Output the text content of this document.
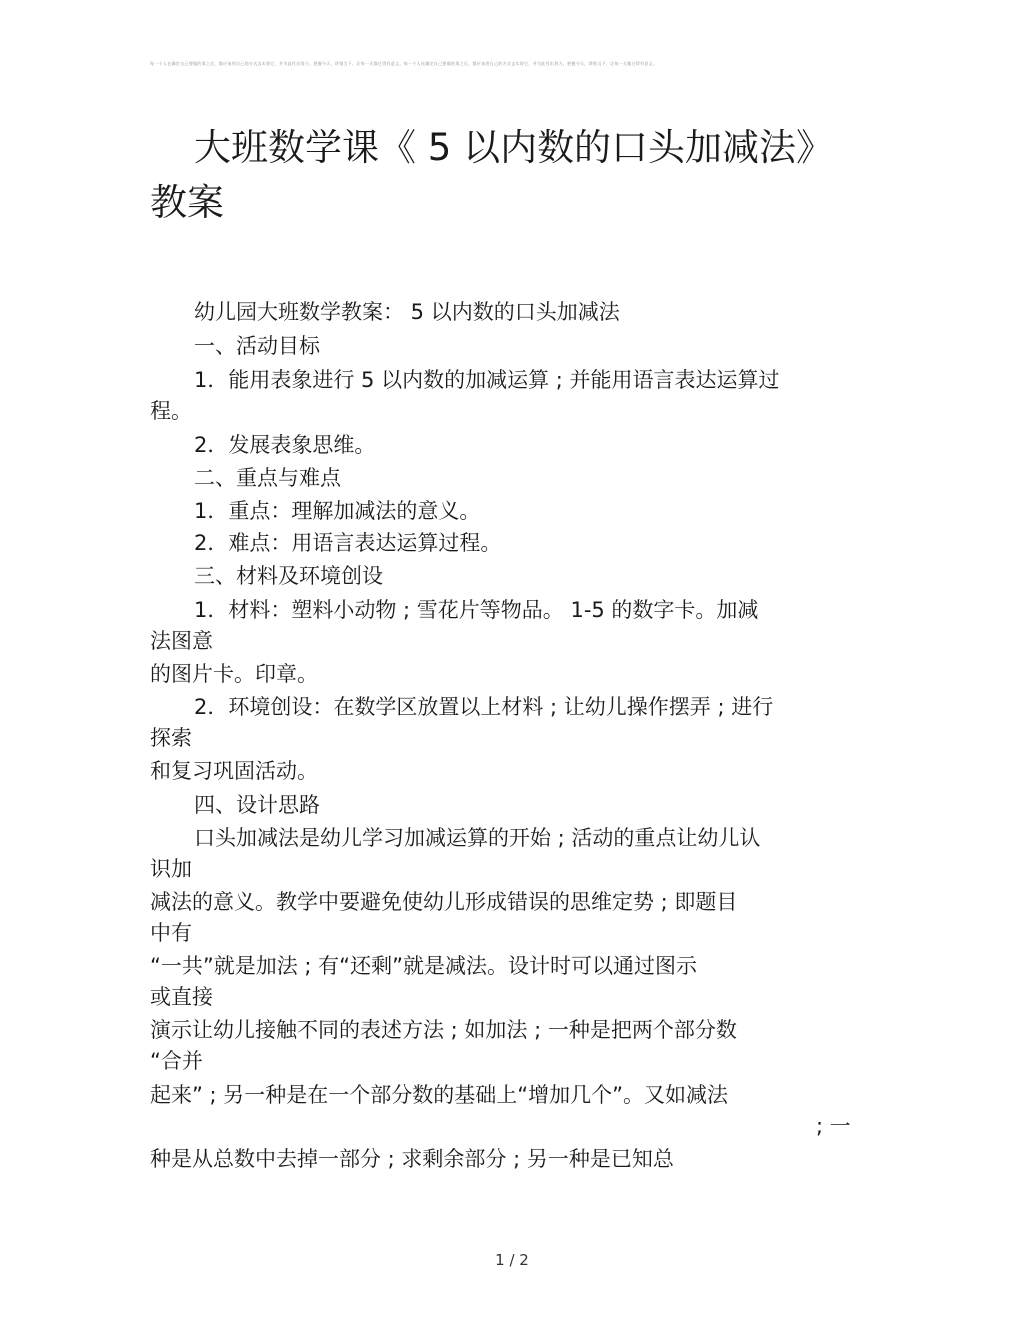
每一个人在确定自己要做的事之后，都应该用自己的方式去实现它，并为此付出努力。把握今天，珍惜当下，让每一天都过得有意义。每一个人在确定自己要做的事之后，都应该用自己的方式去实现它，并为此付出努力。把握今天，珍惜当下，让每一天都过得有意义。
大班数学课《 5 以内数的口头加减法》
教案
幼儿园大班数学教案： 5 以内数的口头加减法
一、活动目标
1．能用表象进行 5 以内数的加减运算 ; 并能用语言表达运算过
程。
2．发展表象思维。
二、重点与难点
1．重点：理解加减法的意义。
2．难点：用语言表达运算过程。
三、材料及环境创设
1．材料：塑料小动物 ; 雪花片等物品。 1-5 的数字卡。加减
法图意
的图片卡。印章。
2．环境创设：在数学区放置以上材料 ; 让幼儿操作摆弄 ; 进行
探索
和复习巩固活动。
四、设计思路
口头加减法是幼儿学习加减运算的开始 ; 活动的重点让幼儿认
识加
减法的意义。教学中要避免使幼儿形成错误的思维定势 ; 即题目
中有
“一共”就是加法 ; 有“还剩”就是减法。设计时可以通过图示
或直接
演示让幼儿接触不同的表述方法 ; 如加法 ; 一种是把两个部分数
“合并
起来” ; 另一种是在一个部分数的基础上“增加几个”。又如减法
; 一
种是从总数中去掉一部分 ; 求剩余部分 ; 另一种是已知总
1 / 2
